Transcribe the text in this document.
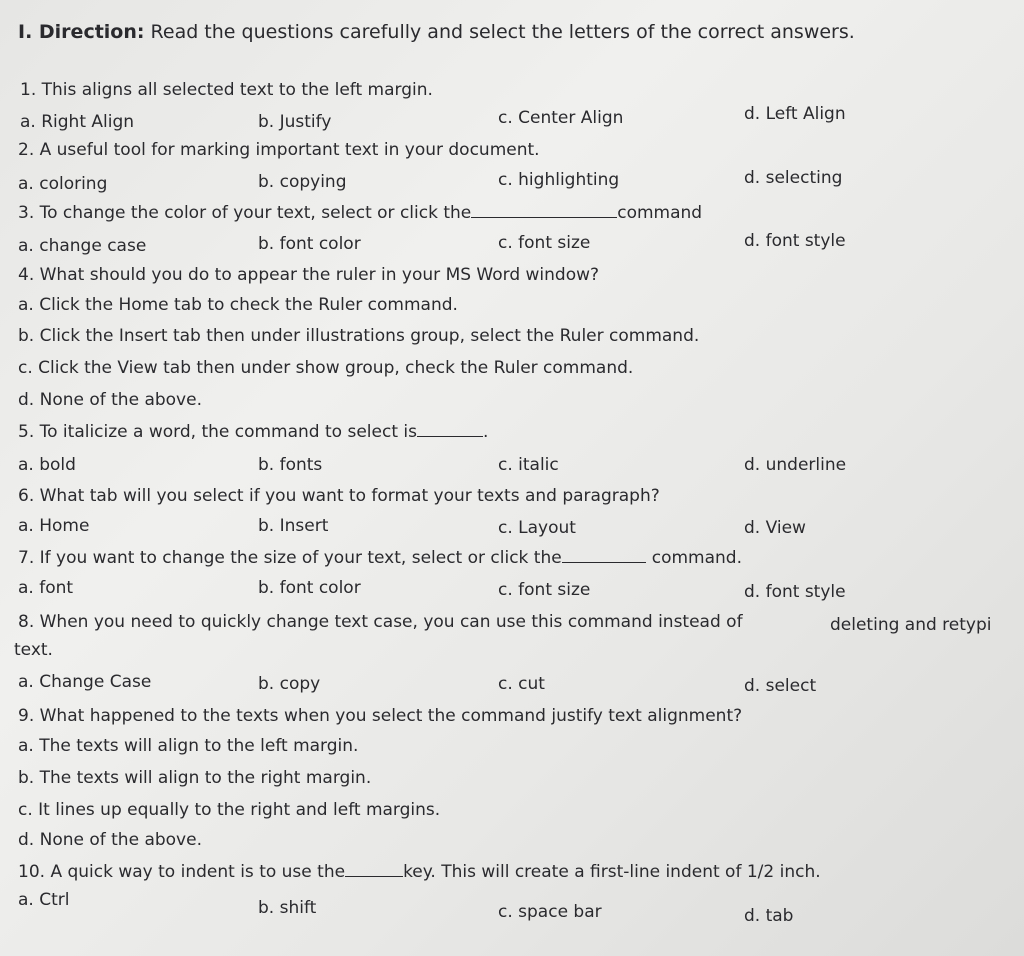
I. Direction: Read the questions carefully and select the letters of the correct answers.
1. This aligns all selected text to the left margin.
a. Right Align	b. Justify	c. Center Align	d. Left Align
2. A useful tool for marking important text in your document.
a. coloring	b. copying	c. highlighting	d. selecting
3. To change the color of your text, select or click the	command
a. change case	b. font color	c. font size	d. font style
4. What should you do to appear the ruler in your MS Word window?
a. Click the Home tab to check the Ruler command.
b. Click the Insert tab then under illustrations group, select the Ruler command.
c. Click the View tab then under show group, check the Ruler command.
d. None of the above.
5. To italicize a word, the command to select is	.
a. bold	b. fonts	c. italic	d. underline
6. What tab will you select if you want to format your texts and paragraph?
a. Home	b. Insert	c. Layout	d. View
7. If you want to change the size of your text, select or click the	command.
a. font	b. font color	c. font size	d. font style
8. When you need to quickly change text case, you can use this command instead of	deleting and retypi
text.
a. Change Case	b. copy	c. cut	d. select
9. What happened to the texts when you select the command justify text alignment?
a. The texts will align to the left margin.
b. The texts will align to the right margin.
c. It lines up equally to the right and left margins.
d. None of the above.
10. A quick way to indent is to use the	key. This will create a first-line indent of 1/2 inch.
a. Ctrl	b. shift	c. space bar	d. tab
